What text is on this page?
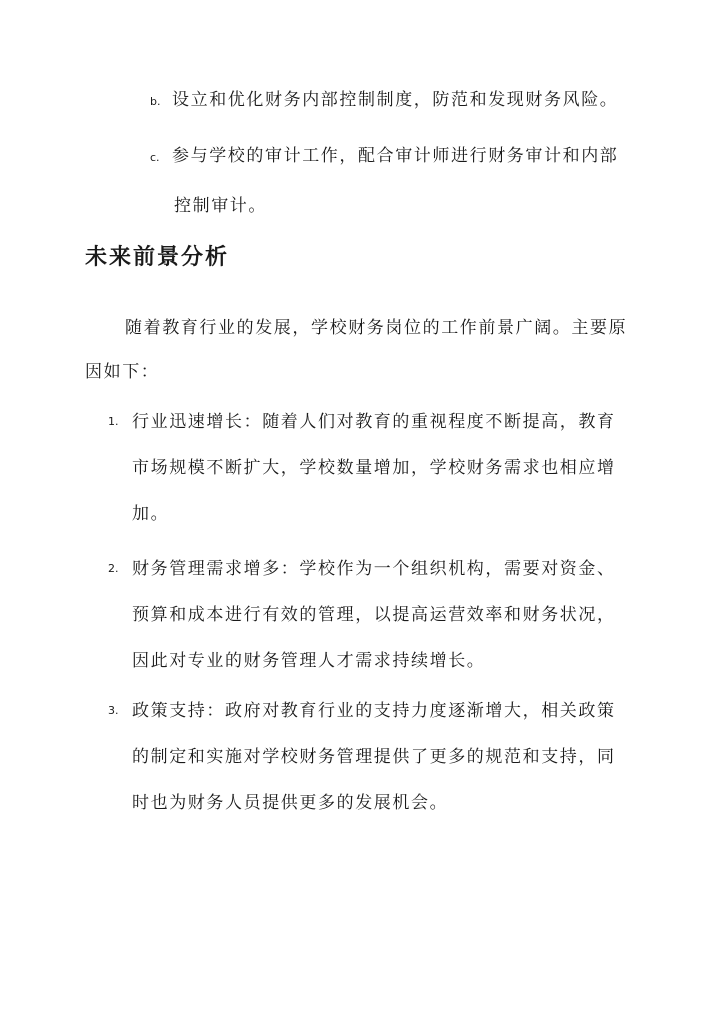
b. 设立和优化财务内部控制制度，防范和发现财务风险。
c. 参与学校的审计工作，配合审计师进行财务审计和内部
控制审计。
未来前景分析

随着教育行业的发展，学校财务岗位的工作前景广阔。主要原因如下：

1. 行业迅速增长：随着人们对教育的重视程度不断提高，教育市场规模不断扩大，学校数量增加，学校财务需求也相应增加。
2. 财务管理需求增多：学校作为一个组织机构，需要对资金、预算和成本进行有效的管理，以提高运营效率和财务状况，因此对专业的财务管理人才需求持续增长。
3. 政策支持：政府对教育行业的支持力度逐渐增大，相关政策的制定和实施对学校财务管理提供了更多的规范和支持，同时也为财务人员提供更多的发展机会。
